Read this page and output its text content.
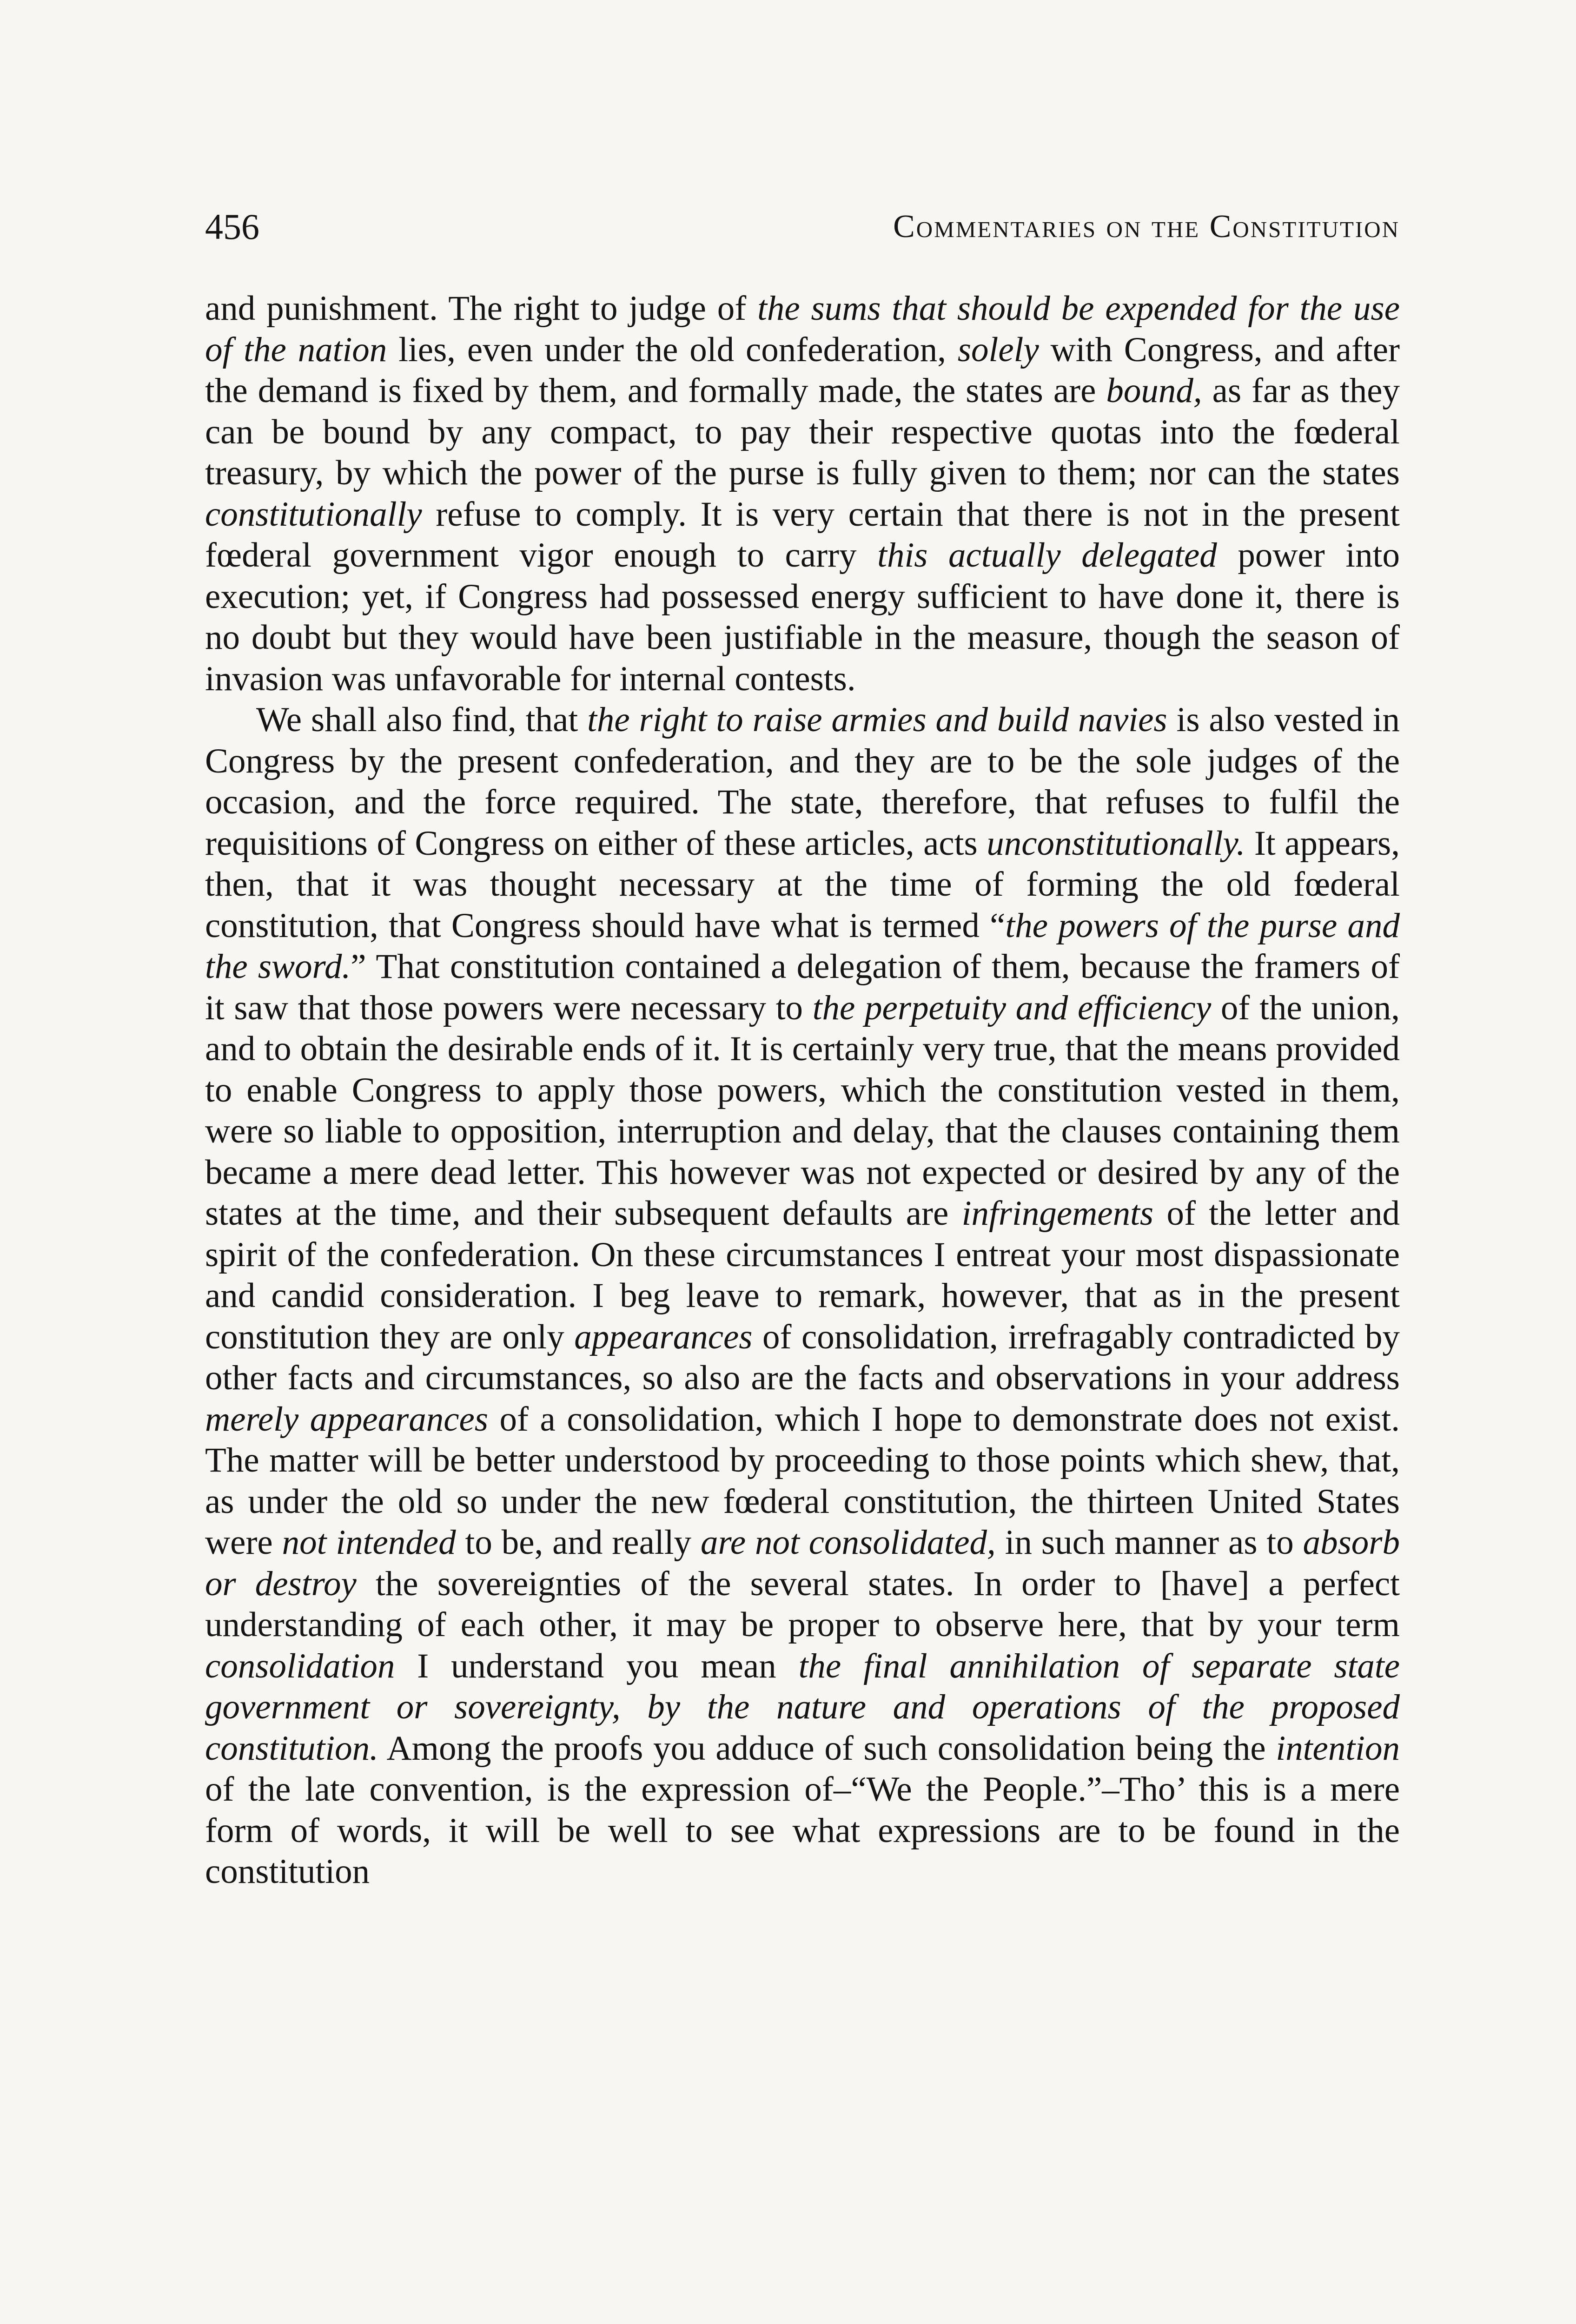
456	Commentaries on the Constitution

and punishment. The right to judge of the sums that should be expended for the use of the nation lies, even under the old confederation, solely with Congress, and after the demand is fixed by them, and formally made, the states are bound, as far as they can be bound by any compact, to pay their respective quotas into the fœderal treasury, by which the power of the purse is fully given to them; nor can the states constitutionally refuse to comply. It is very certain that there is not in the present fœderal government vigor enough to carry this actually delegated power into execution; yet, if Congress had possessed energy sufficient to have done it, there is no doubt but they would have been justifiable in the measure, though the season of invasion was unfavorable for internal contests.

We shall also find, that the right to raise armies and build navies is also vested in Congress by the present confederation, and they are to be the sole judges of the occasion, and the force required. The state, therefore, that refuses to fulfil the requisitions of Congress on either of these articles, acts unconstitutionally. It appears, then, that it was thought necessary at the time of forming the old fœderal constitution, that Congress should have what is termed “the powers of the purse and the sword.” That constitution contained a delegation of them, because the framers of it saw that those powers were necessary to the perpetuity and efficiency of the union, and to obtain the desirable ends of it. It is certainly very true, that the means provided to enable Congress to apply those powers, which the constitution vested in them, were so liable to opposition, interruption and delay, that the clauses containing them became a mere dead letter. This however was not expected or desired by any of the states at the time, and their subsequent defaults are infringements of the letter and spirit of the confederation. On these circumstances I entreat your most dispassionate and candid consideration. I beg leave to remark, however, that as in the present constitution they are only appearances of consolidation, irrefragably contradicted by other facts and circumstances, so also are the facts and observations in your address merely appearances of a consolidation, which I hope to demonstrate does not exist. The matter will be better understood by proceeding to those points which shew, that, as under the old so under the new fœderal constitution, the thirteen United States were not intended to be, and really are not consolidated, in such manner as to absorb or destroy the sovereignties of the several states. In order to [have] a perfect understanding of each other, it may be proper to observe here, that by your term consolidation I understand you mean the final annihilation of separate state government or sovereignty, by the nature and operations of the proposed constitution. Among the proofs you adduce of such consolidation being the intention of the late convention, is the expression of–“We the People.”–Tho’ this is a mere form of words, it will be well to see what expressions are to be found in the constitution
